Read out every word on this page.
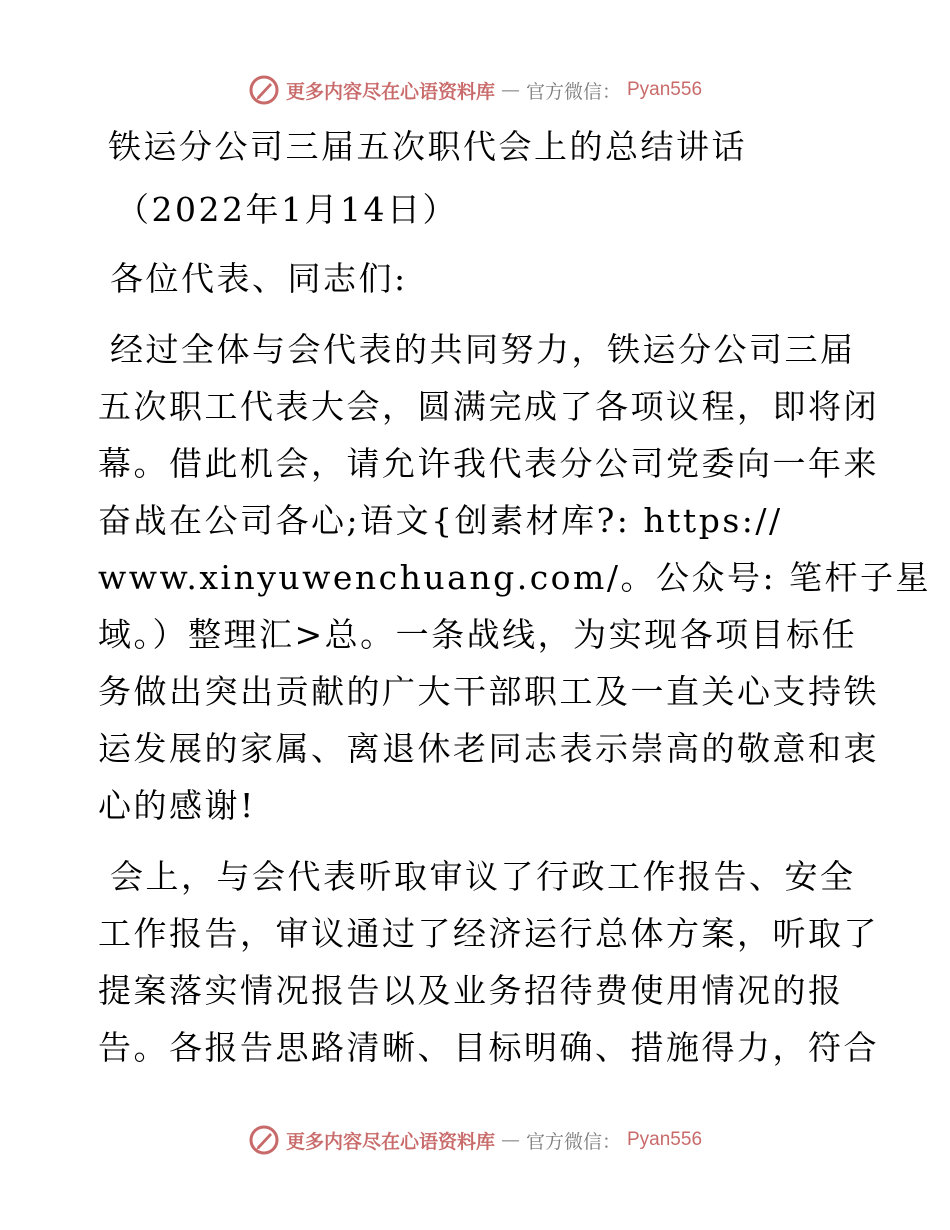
更多内容尽在心语资料库 — 官方微信： Pyan556

铁运分公司三届五次职代会上的总结讲话

（2022年1月14日）

各位代表、同志们:

经过全体与会代表的共同努力，铁运分公司三届

五次职工代表大会，圆满完成了各项议程，即将闭

幕。借此机会，请允许我代表分公司党委向一年来

奋战在公司各心;语文{创素材库?: https://

www.xinyuwenchuang.com/。公众号: 笔杆子星

域。）整理汇>总。一条战线，为实现各项目标任

务做出突出贡献的广大干部职工及一直关心支持铁

运发展的家属、离退休老同志表示崇高的敬意和衷

心的感谢!

会上，与会代表听取审议了行政工作报告、安全

工作报告，审议通过了经济运行总体方案，听取了

提案落实情况报告以及业务招待费使用情况的报

告。各报告思路清晰、目标明确、措施得力，符合

更多内容尽在心语资料库 — 官方微信： Pyan556
